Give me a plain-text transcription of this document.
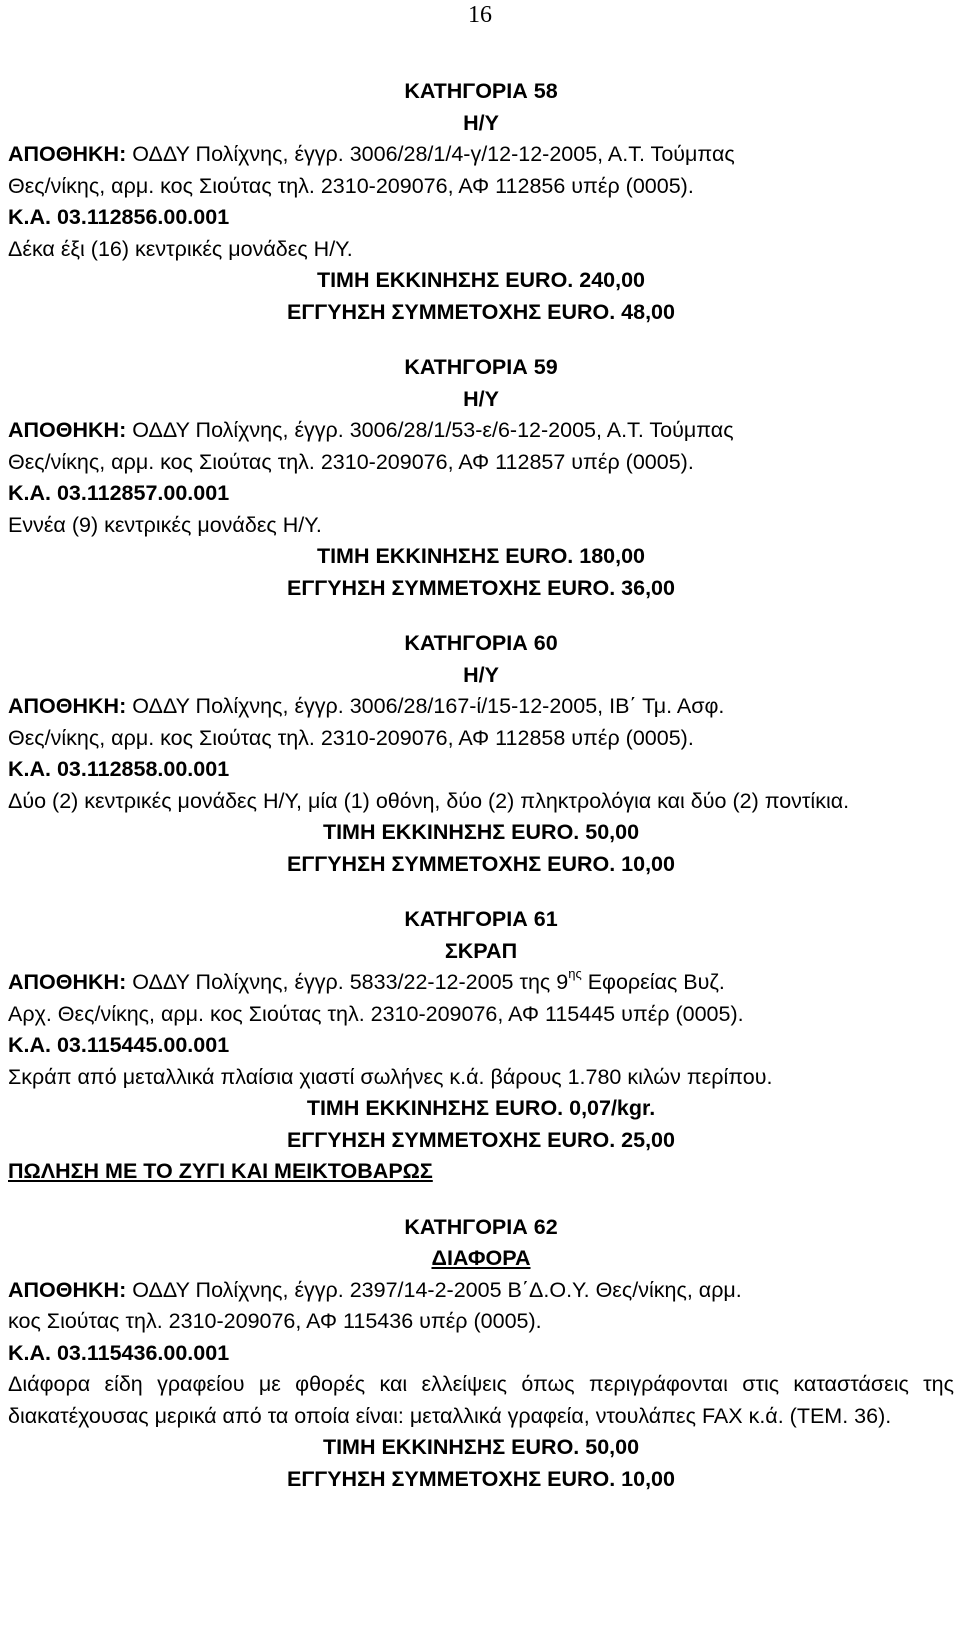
16
ΚΑΤΗΓΟΡΙΑ 58
Η/Υ
ΑΠΟΘΗΚΗ: ΟΔΔΥ Πολίχνης, έγγρ. 3006/28/1/4-γ/12-12-2005, Α.Τ. Τούμπας
Θες/νίκης, αρμ. κος Σιούτας τηλ. 2310-209076, ΑΦ 112856 υπέρ (0005).
Κ.Α. 03.112856.00.001
Δέκα έξι (16) κεντρικές μονάδες Η/Υ.
ΤΙΜΗ ΕΚΚΙΝΗΣΗΣ EURO. 240,00
ΕΓΓΥΗΣΗ ΣΥΜΜΕΤΟΧΗΣ EURO. 48,00
ΚΑΤΗΓΟΡΙΑ 59
Η/Υ
ΑΠΟΘΗΚΗ: ΟΔΔΥ Πολίχνης, έγγρ. 3006/28/1/53-ε/6-12-2005, Α.Τ. Τούμπας
Θες/νίκης, αρμ. κος Σιούτας τηλ. 2310-209076, ΑΦ 112857 υπέρ (0005).
Κ.Α. 03.112857.00.001
Εννέα (9) κεντρικές μονάδες Η/Υ.
ΤΙΜΗ ΕΚΚΙΝΗΣΗΣ EURO. 180,00
ΕΓΓΥΗΣΗ ΣΥΜΜΕΤΟΧΗΣ EURO. 36,00
ΚΑΤΗΓΟΡΙΑ 60
Η/Υ
ΑΠΟΘΗΚΗ: ΟΔΔΥ Πολίχνης, έγγρ. 3006/28/167-ί/15-12-2005, ΙΒ΄ Τμ. Ασφ.
Θες/νίκης, αρμ. κος Σιούτας τηλ. 2310-209076, ΑΦ 112858 υπέρ (0005).
Κ.Α. 03.112858.00.001
Δύο (2) κεντρικές μονάδες Η/Υ, μία (1) οθόνη, δύο (2) πληκτρολόγια και δύο (2) ποντίκια.
ΤΙΜΗ ΕΚΚΙΝΗΣΗΣ EURO. 50,00
ΕΓΓΥΗΣΗ ΣΥΜΜΕΤΟΧΗΣ EURO. 10,00
ΚΑΤΗΓΟΡΙΑ 61
ΣΚΡΑΠ
ΑΠΟΘΗΚΗ: ΟΔΔΥ Πολίχνης, έγγρ. 5833/22-12-2005 της $9^{\eta\varsigma}$ Εφορείας Βυζ.
Αρχ. Θες/νίκης, αρμ. κος Σιούτας τηλ. 2310-209076, ΑΦ 115445 υπέρ (0005).
Κ.Α. 03.115445.00.001
Σκράπ από μεταλλικά πλαίσια χιαστί σωλήνες κ.ά. βάρους 1.780 κιλών περίπου.
ΤΙΜΗ ΕΚΚΙΝΗΣΗΣ EURO. 0,07/kgr.
ΕΓΓΥΗΣΗ ΣΥΜΜΕΤΟΧΗΣ EURO. 25,00
ΠΩΛΗΣΗ ΜΕ ΤΟ ΖΥΓΙ ΚΑΙ ΜΕΙΚΤΟΒΑΡΩΣ
ΚΑΤΗΓΟΡΙΑ 62
ΔΙΑΦΟΡΑ
ΑΠΟΘΗΚΗ: ΟΔΔΥ Πολίχνης, έγγρ. 2397/14-2-2005 Β΄Δ.Ο.Υ. Θες/νίκης, αρμ.
κος Σιούτας τηλ. 2310-209076, ΑΦ 115436 υπέρ (0005).
Κ.Α. 03.115436.00.001
Διάφορα είδη γραφείου με φθορές και ελλείψεις όπως περιγράφονται στις καταστάσεις της διακατέχουσας μερικά από τα οποία είναι: μεταλλικά γραφεία, ντουλάπες FAX κ.ά. (ΤΕΜ. 36).
ΤΙΜΗ ΕΚΚΙΝΗΣΗΣ EURO. 50,00
ΕΓΓΥΗΣΗ ΣΥΜΜΕΤΟΧΗΣ EURO. 10,00
